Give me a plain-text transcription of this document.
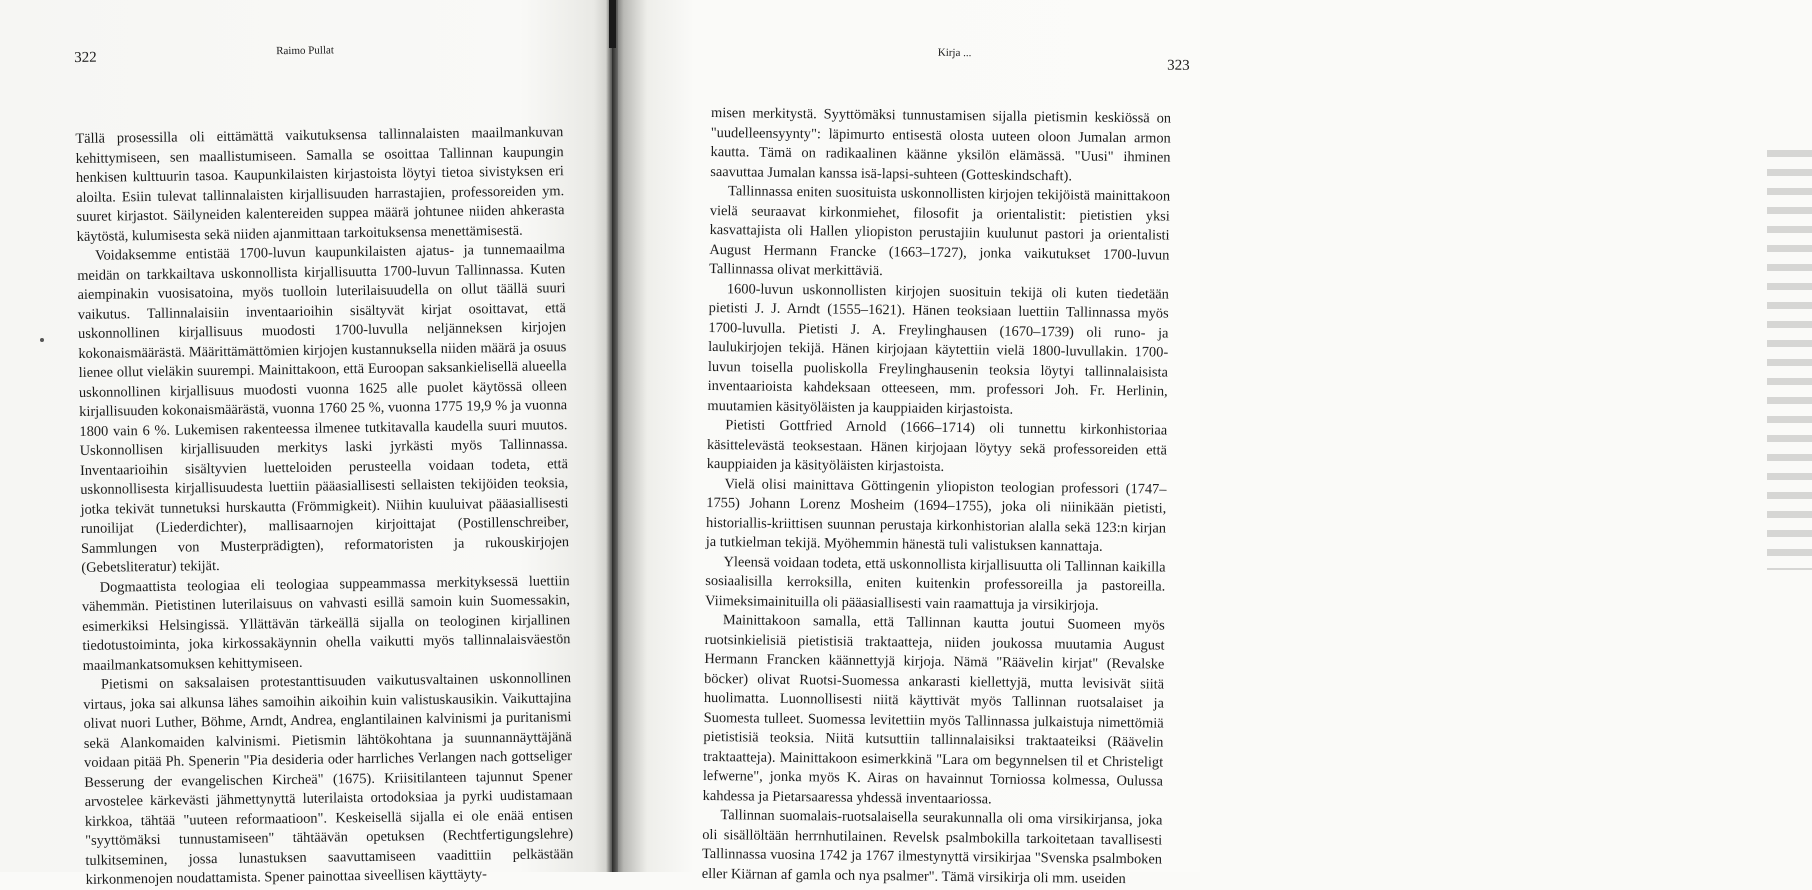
322	Raimo Pullat

Tällä prosessilla oli eittämättä vaikutuksensa tallinnalaisten maailmankuvan kehittymiseen, sen maallistumiseen. Samalla se osoittaa Tallinnan kaupungin henkisen kulttuurin tasoa. Kaupunkilaisten kirjastoista löytyi tietoa sivistyksen eri aloilta. Esiin tulevat tallinnalaisten kirjallisuuden harrastajien, professoreiden ym. suuret kirjastot. Säilyneiden kalentereiden suppea määrä johtunee niiden ahkerasta käytöstä, kulumisesta sekä niiden ajanmittaan tarkoituksensa menettämisestä.

Voidaksemme entistää 1700-luvun kaupunkilaisten ajatus- ja tunnemaailma meidän on tarkkailtava uskonnollista kirjallisuutta 1700-luvun Tallinnassa. Kuten aiempinakin vuosisatoina, myös tuolloin luterilaisuudella on ollut täällä suuri vaikutus. Tallinnalaisiin inventaarioihin sisältyvät kirjat osoittavat, että uskonnollinen kirjallisuus muodosti 1700-luvulla neljänneksen kirjojen kokonaismäärästä. Määrittämättömien kirjojen kustannuksella niiden määrä ja osuus lienee ollut vieläkin suurempi. Mainittakoon, että Euroopan saksankielisellä alueella uskonnollinen kirjallisuus muodosti vuonna 1625 alle puolet käytössä olleen kirjallisuuden kokonaismäärästä, vuonna 1760 25 %, vuonna 1775 19,9 % ja vuonna 1800 vain 6 %. Lukemisen rakenteessa ilmenee tutkitavalla kaudella suuri muutos. Uskonnollisen kirjallisuuden merkitys laski jyrkästi myös Tallinnassa. Inventaarioihin sisältyvien luetteloiden perusteella voidaan todeta, että uskonnollisesta kirjallisuudesta luettiin pääasiallisesti sellaisten tekijöiden teoksia, jotka tekivät tunnetuksi hurskautta (Frömmigkeit). Niihin kuuluivat pääasiallisesti runoilijat (Liederdichter), mallisaarnojen kirjoittajat (Postillenschreiber, Sammlungen von Musterprädigten), reformatoristen ja rukouskirjojen (Gebetsliteratur) tekijät.

Dogmaattista teologiaa eli teologiaa suppeammassa merkityksessä luettiin vähemmän. Pietistinen luterilaisuus on vahvasti esillä samoin kuin Suomessakin, esimerkiksi Helsingissä. Yllättävän tärkeällä sijalla on teologinen kirjallinen tiedotustoiminta, joka kirkossakäynnin ohella vaikutti myös tallinnalaisväestön maailmankatsomuksen kehittymiseen.

Pietismi on saksalaisen protestanttisuuden vaikutusvaltainen uskonnollinen virtaus, joka sai alkunsa lähes samoihin aikoihin kuin valistuskausikin. Vaikuttajina olivat nuori Luther, Böhme, Arndt, Andrea, englantilainen kalvinismi ja puritanismi sekä Alankomaiden kalvinismi. Pietismin lähtökohtana ja suunnannäyttäjänä voidaan pitää Ph. Spenerin "Pia desideria oder harrliches Verlangen nach gottseliger Besserung der evangelischen Kircheä" (1675). Kriisitilanteen tajunnut Spener arvostelee kärkevästi jähmettynyttä luterilaista ortodoksiaa ja pyrki uudistamaan kirkkoa, tähtää "uuteen reformaatioon". Keskeisellä sijalla ei ole enää entisen "syyttömäksi tunnustamiseen" tähtäävän opetuksen (Rechtfertigungslehre) tulkitseminen, jossa lunastuksen saavuttamiseen vaadittiin pelkästään kirkonmenojen noudattamista. Spener painottaa siveellisen käyttäyty-

Kirja ...
323

misen merkitystä. Syyttömäksi tunnustamisen sijalla pietismin keskiössä on "uudelleensyynty": läpimurto entisestä olosta uuteen oloon Jumalan armon kautta. Tämä on radikaalinen käänne yksilön elämässä. "Uusi" ihminen saavuttaa Jumalan kanssa isä-lapsi-suhteen (Gotteskindschaft).

Tallinnassa eniten suosituista uskonnollisten kirjojen tekijöistä mainittakoon vielä seuraavat kirkonmiehet, filosofit ja orientalistit: pietistien yksi kasvattajista oli Hallen yliopiston perustajiin kuulunut pastori ja orientalisti August Hermann Francke (1663–1727), jonka vaikutukset 1700-luvun Tallinnassa olivat merkittäviä.

1600-luvun uskonnollisten kirjojen suosituin tekijä oli kuten tiedetään pietisti J. J. Arndt (1555–1621). Hänen teoksiaan luettiin Tallinnassa myös 1700-luvulla. Pietisti J. A. Freylinghausen (1670–1739) oli runo- ja laulukirjojen tekijä. Hänen kirjojaan käytettiin vielä 1800-luvullakin. 1700-luvun toisella puoliskolla Freylinghausenin teoksia löytyi tallinnalaisista inventaarioista kahdeksaan otteeseen, mm. professori Joh. Fr. Herlinin, muutamien käsityöläisten ja kauppiaiden kirjastoista.

Pietisti Gottfried Arnold (1666–1714) oli tunnettu kirkonhistoriaa käsittelevästä teoksestaan. Hänen kirjojaan löytyy sekä professoreiden että kauppiaiden ja käsityöläisten kirjastoista.

Vielä olisi mainittava Göttingenin yliopiston teologian professori (1747–1755) Johann Lorenz Mosheim (1694–1755), joka oli niinikään pietisti, historiallis-kriittisen suunnan perustaja kirkonhistorian alalla sekä 123:n kirjan ja tutkielman tekijä. Myöhemmin hänestä tuli valistuksen kannattaja.

Yleensä voidaan todeta, että uskonnollista kirjallisuutta oli Tallinnan kaikilla sosiaalisilla kerroksilla, eniten kuitenkin professoreilla ja pastoreilla. Viimeksimainituilla oli pääasiallisesti vain raamattuja ja virsikirjoja.

Mainittakoon samalla, että Tallinnan kautta joutui Suomeen myös ruotsinkielisiä pietistisiä traktaatteja, niiden joukossa muutamia August Hermann Francken käännettyjä kirjoja. Nämä "Räävelin kirjat" (Revalske böcker) olivat Ruotsi-Suomessa ankarasti kiellettyjä, mutta levisivät siitä huolimatta. Luonnollisesti niitä käyttivät myös Tallinnan ruotsalaiset ja Suomesta tulleet. Suomessa levitettiin myös Tallinnassa julkaistuja nimettömiä pietistisiä teoksia. Niitä kutsuttiin tallinnalaisiksi traktaateiksi (Räävelin traktaatteja). Mainittakoon esimerkkinä "Lara om begynnelsen til et Christeligt lefwerne", jonka myös K. Airas on havainnut Torniossa kolmessa, Oulussa kahdessa ja Pietarsaaressa yhdessä inventaariossa.

Tallinnan suomalais-ruotsalaisella seurakunnalla oli oma virsikirjansa, joka oli sisällöltään herrnhutilainen. Revelsk psalmbokilla tarkoitetaan tavallisesti Tallinnassa vuosina 1742 ja 1767 ilmestynyttä virsikirjaa "Svenska psalmboken eller Kiärnan af gamla och nya psalmer". Tämä virsikirja oli mm. useiden
